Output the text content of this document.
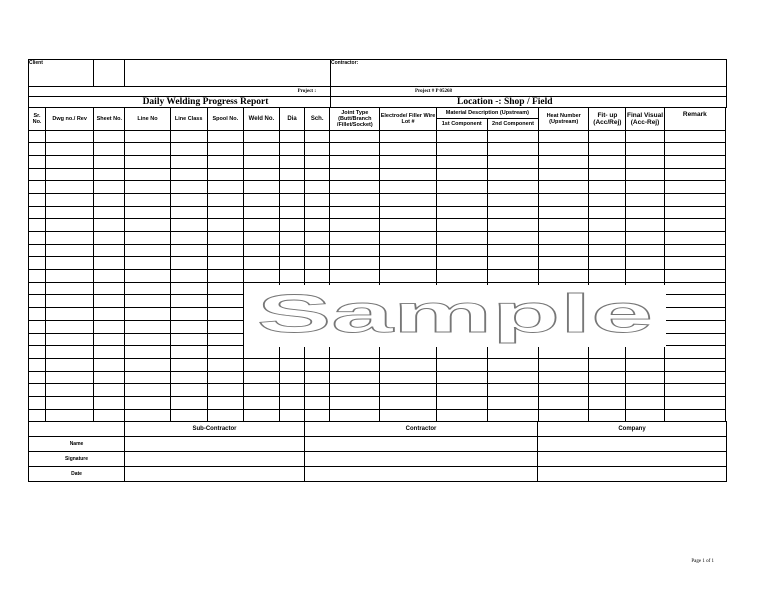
Client			Contractor:
Project :			Project # P 05268
Daily Welding Progress Report			Location -: Shop / Field
Sr. No.	Dwg no./ Rev	Sheet No.	Line No	Line Class	Spool No.	Weld No.	Dia	Sch.	Joint Type (Butt/Branch /Fillet/Socket)	Electrode/ Filler Wire Lot #	Material Description (Upstream)		Heat Number (Upstream)	Fit- up (Acc/Rej)	Final Visual (Acc-Rej)	Remark
											1st Component	2nd Component				

	Sub-Contractor	Contractor	Company
Name			
Signature			
Date			
Sample
Page 1 of 1
